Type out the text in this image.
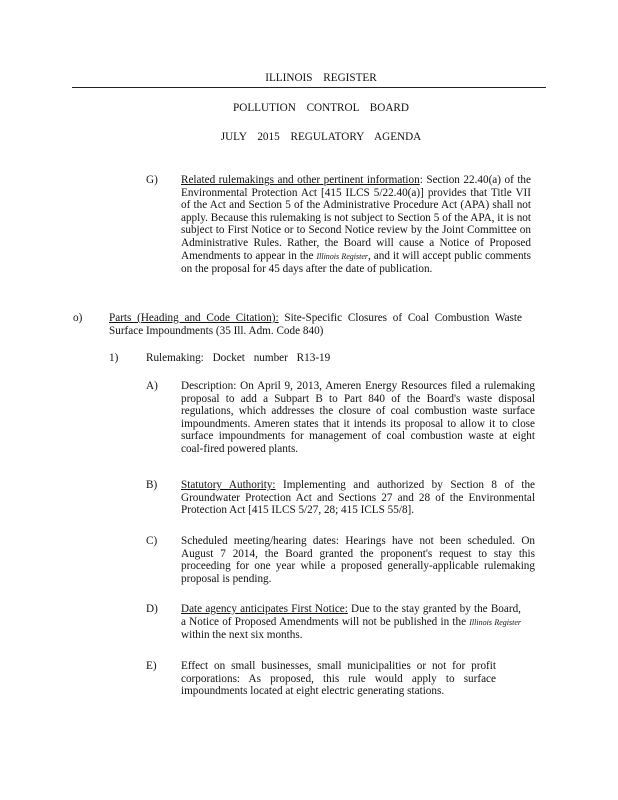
ILLINOIS REGISTER
POLLUTION CONTROL BOARD
JULY 2015 REGULATORY AGENDA
G) Related rulemakings and other pertinent information: Section 22.40(a) of the Environmental Protection Act [415 ILCS 5/22.40(a)] provides that Title VII of the Act and Section 5 of the Administrative Procedure Act (APA) shall not apply. Because this rulemaking is not subject to Section 5 of the APA, it is not subject to First Notice or to Second Notice review by the Joint Committee on Administrative Rules. Rather, the Board will cause a Notice of Proposed Amendments to appear in the Illinois Register, and it will accept public comments on the proposal for 45 days after the date of publication.
o) Parts (Heading and Code Citation): Site-Specific Closures of Coal Combustion Waste Surface Impoundments (35 Ill. Adm. Code 840)
1) Rulemaking: Docket number R13-19
A) Description: On April 9, 2013, Ameren Energy Resources filed a rulemaking proposal to add a Subpart B to Part 840 of the Board's waste disposal regulations, which addresses the closure of coal combustion waste surface impoundments. Ameren states that it intends its proposal to allow it to close surface impoundments for management of coal combustion waste at eight coal-fired powered plants.
B) Statutory Authority: Implementing and authorized by Section 8 of the Groundwater Protection Act and Sections 27 and 28 of the Environmental Protection Act [415 ILCS 5/27, 28; 415 ICLS 55/8].
C) Scheduled meeting/hearing dates: Hearings have not been scheduled. On August 7 2014, the Board granted the proponent's request to stay this proceeding for one year while a proposed generally-applicable rulemaking proposal is pending.
D) Date agency anticipates First Notice: Due to the stay granted by the Board, a Notice of Proposed Amendments will not be published in the Illinois Register within the next six months.
E) Effect on small businesses, small municipalities or not for profit corporations: As proposed, this rule would apply to surface impoundments located at eight electric generating stations.
